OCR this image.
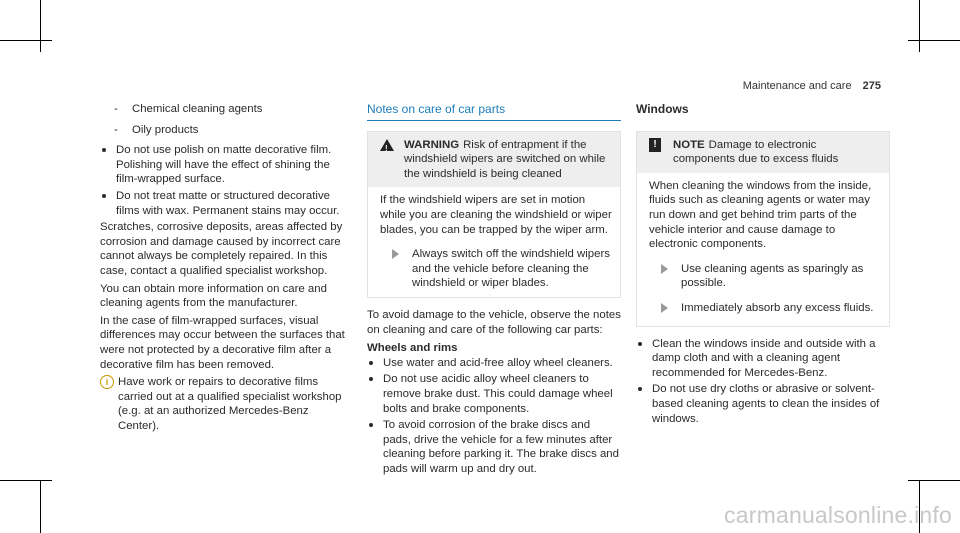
Maintenance and care 275
- Chemical cleaning agents
- Oily products
Do not use polish on matte decorative film. Polishing will have the effect of shining the film-wrapped surface.
Do not treat matte or structured decorative films with wax. Permanent stains may occur.

Scratches, corrosive deposits, areas affected by corrosion and damage caused by incorrect care cannot always be completely repaired. In this case, contact a qualified specialist workshop.

You can obtain more information on care and cleaning agents from the manufacturer.

In the case of film-wrapped surfaces, visual differences may occur between the surfaces that were not protected by a decorative film after a decorative film has been removed.

i Have work or repairs to decorative films carried out at a qualified specialist workshop (e.g. at an authorized Mercedes-Benz Center).
Notes on care of car parts
! WARNING Risk of entrapment if the windshield wipers are switched on while the windshield is being cleaned

If the windshield wipers are set in motion while you are cleaning the windshield or wiper blades, you can be trapped by the wiper arm.

Always switch off the windshield wipers and the vehicle before cleaning the windshield or wiper blades.

To avoid damage to the vehicle, observe the notes on cleaning and care of the following car parts:

Wheels and rims
Use water and acid-free alloy wheel cleaners.
Do not use acidic alloy wheel cleaners to remove brake dust. This could damage wheel bolts and brake components.
To avoid corrosion of the brake discs and pads, drive the vehicle for a few minutes after cleaning before parking it. The brake discs and pads will warm up and dry out.
Windows
!	NOTE Damage to electronic components due to excess fluids

When cleaning the windows from the inside, fluids such as cleaning agents or water may run down and get behind trim parts of the vehicle interior and cause damage to electronic components.

Use cleaning agents as sparingly as possible.
Immediately absorb any excess fluids.
Clean the windows inside and outside with a damp cloth and with a cleaning agent recommended for Mercedes-Benz.
Do not use dry cloths or abrasive or solvent-based cleaning agents to clean the insides of windows.
carmanualsonline.info
